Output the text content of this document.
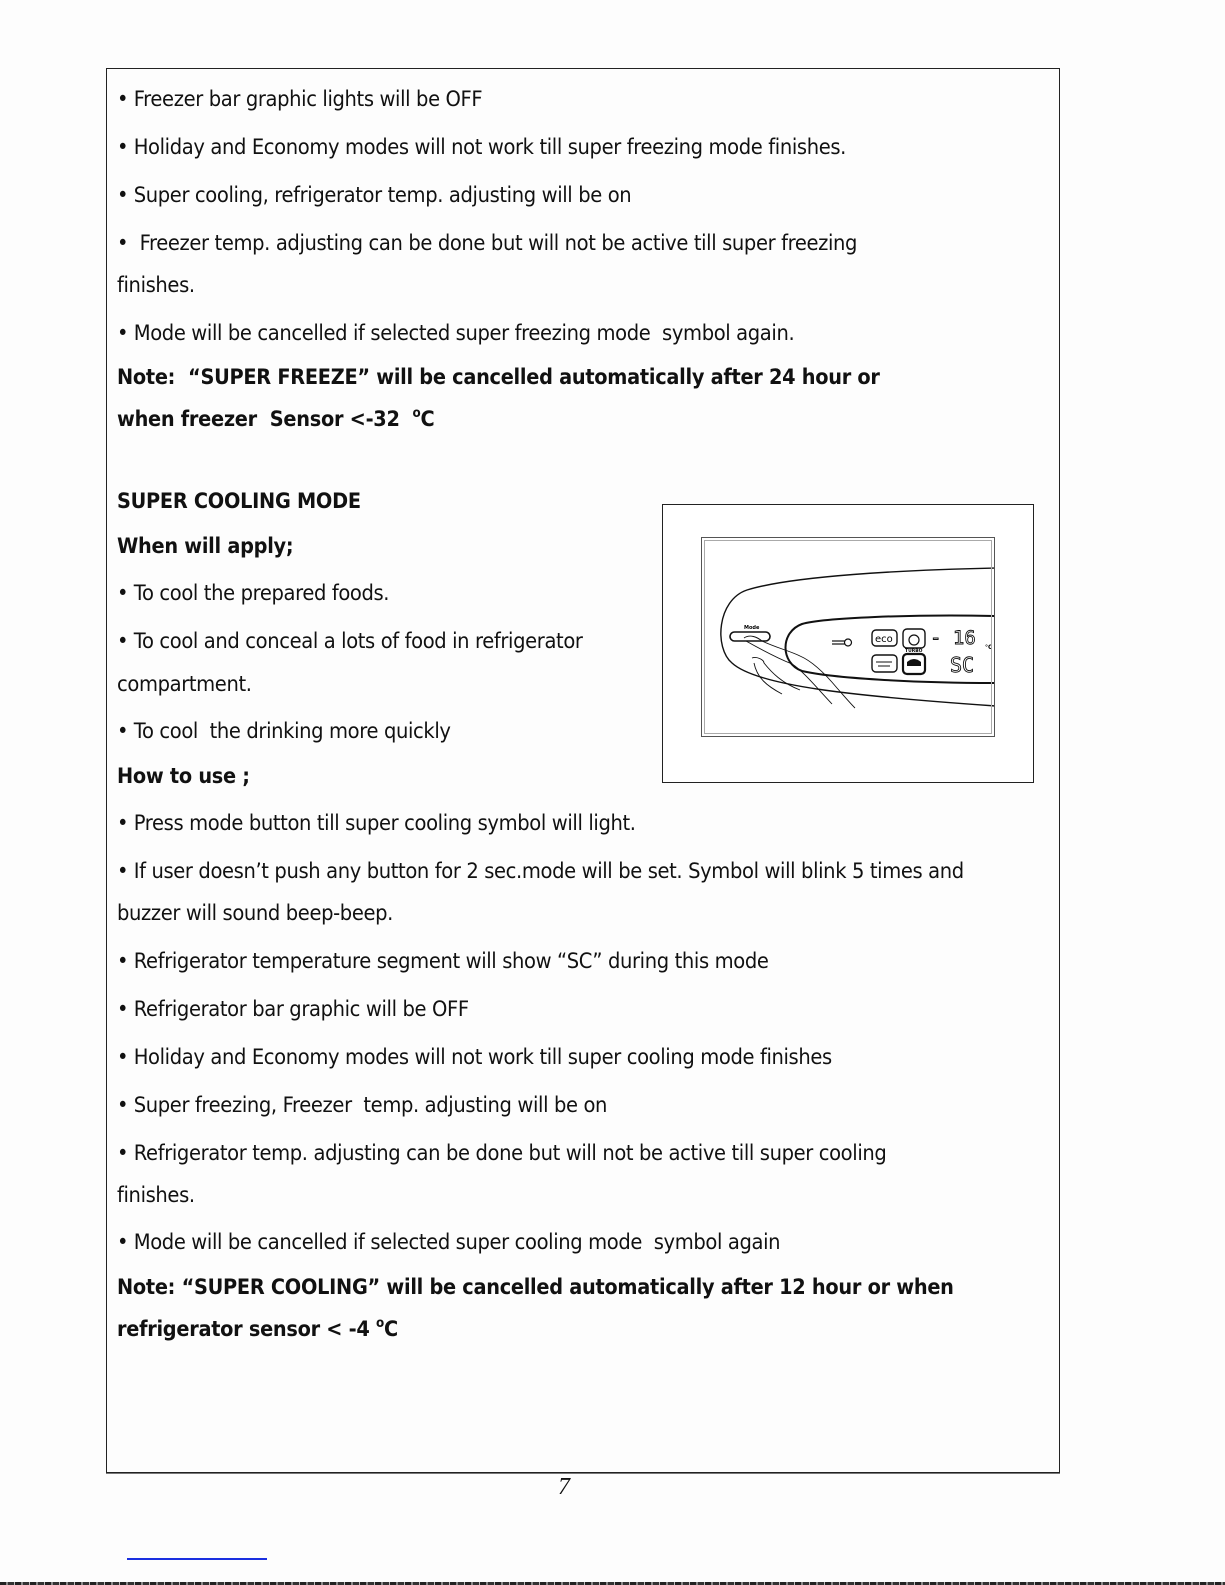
• Freezer bar graphic lights will be OFF
• Holiday and Economy modes will not work till super freezing mode finishes.
• Super cooling, refrigerator temp. adjusting will be on
• Freezer temp. adjusting can be done but will not be active till super freezing
finishes.
• Mode will be cancelled if selected super freezing mode  symbol again.
Note:  “SUPER FREEZE” will be cancelled automatically after 24 hour or
when freezer  Sensor <-32  $^o$C
SUPER COOLING MODE
When will apply;
• To cool the prepared foods.
• To cool and conceal a lots of food in refrigerator
compartment.
• To cool  the drinking more quickly
How to use ;
• Press mode button till super cooling symbol will light.
• If user doesn’t push any button for 2 sec.mode will be set. Symbol will blink 5 times and
buzzer will sound beep-beep.
• Refrigerator temperature segment will show “SC” during this mode
• Refrigerator bar graphic will be OFF
• Holiday and Economy modes will not work till super cooling mode finishes
• Super freezing, Freezer  temp. adjusting will be on
• Refrigerator temp. adjusting can be done but will not be active till super cooling
finishes.
• Mode will be cancelled if selected super cooling mode  symbol again
Note: “SUPER COOLING” will be cancelled automatically after 12 hour or when
refrigerator sensor < -4 $^o$C
Mode
eco
TURBO
- 16 °C
SC
7
